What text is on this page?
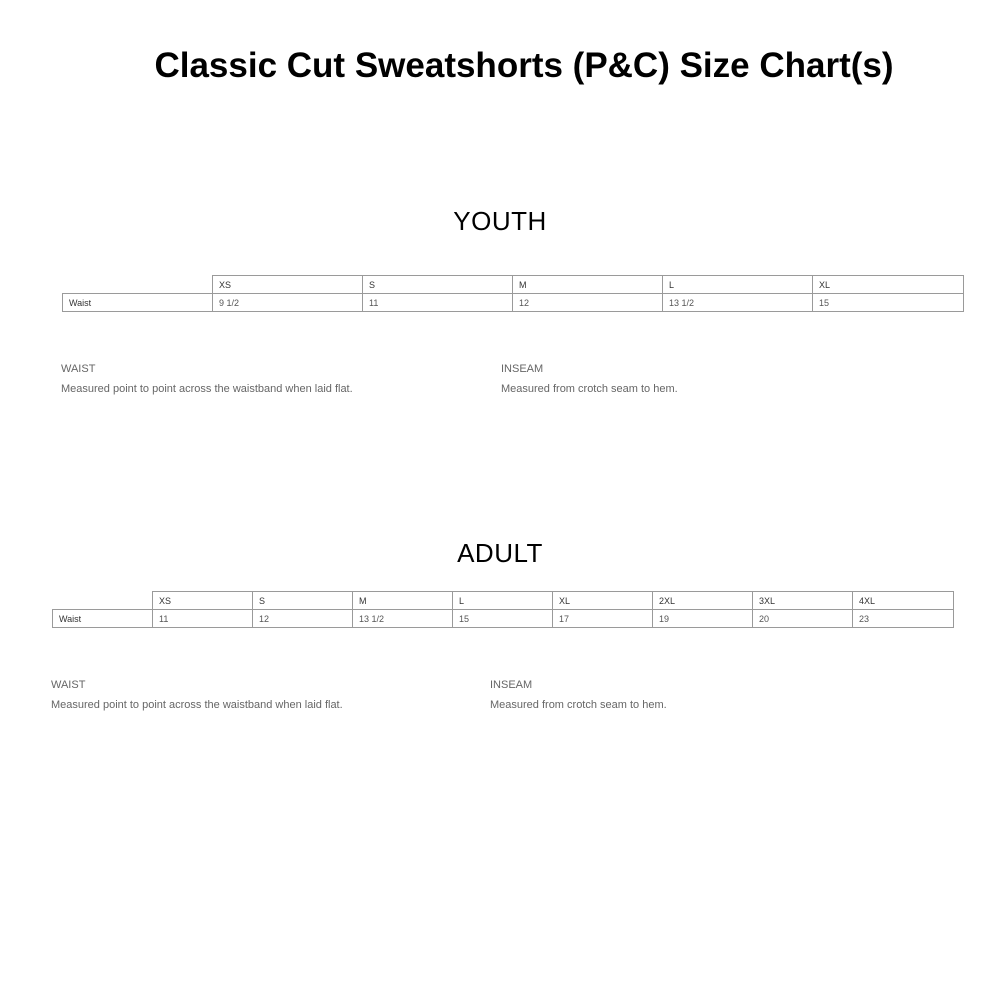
Classic Cut Sweatshorts (P&C) Size Chart(s)
YOUTH
	XS	S	M	L	XL
Waist	9 1/2	11	12	13 1/2	15

WAIST

Measured point to point across the waistband when laid flat.

INSEAM

Measured from crotch seam to hem.

ADULT
	XS	S	M	L	XL	2XL	3XL	4XL
Waist	11	12	13 1/2	15	17	19	20	23

WAIST

Measured point to point across the waistband when laid flat.

INSEAM

Measured from crotch seam to hem.
